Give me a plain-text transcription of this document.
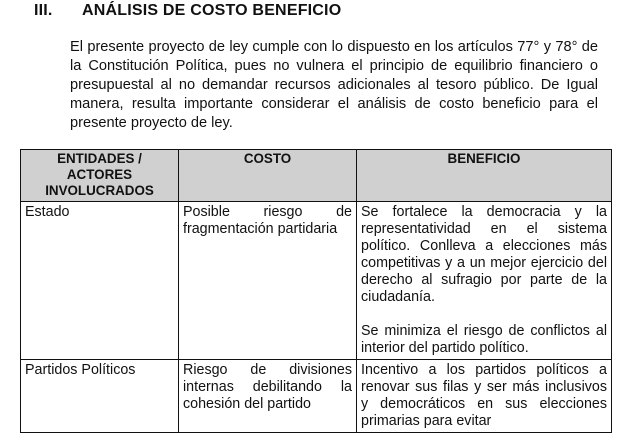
III. ANÁLISIS DE COSTO BENEFICIO
El presente proyecto de ley cumple con lo dispuesto en los artículos 77° y 78° de la Constitución Política, pues no vulnera el principio de equilibrio financiero o presupuestal al no demandar recursos adicionales al tesoro público. De Igual manera, resulta importante considerar el análisis de costo beneficio para el presente proyecto de ley.
ENTIDADES / ACTORES INVOLUCRADOS	COSTO	BENEFICIO
Estado	Posible riesgo de fragmentación partidaria	Se fortalece la democracia y la representatividad en el sistema político. Conlleva a elecciones más competitivas y a un mejor ejercicio del derecho al sufragio por parte de la ciudadanía.
Se minimiza el riesgo de conflictos al interior del partido político.

Partidos Políticos	Riesgo de divisiones internas debilitando la cohesión del partido	Incentivo a los partidos políticos a renovar sus filas y ser más inclusivos y democráticos en sus elecciones primarias para evitar
